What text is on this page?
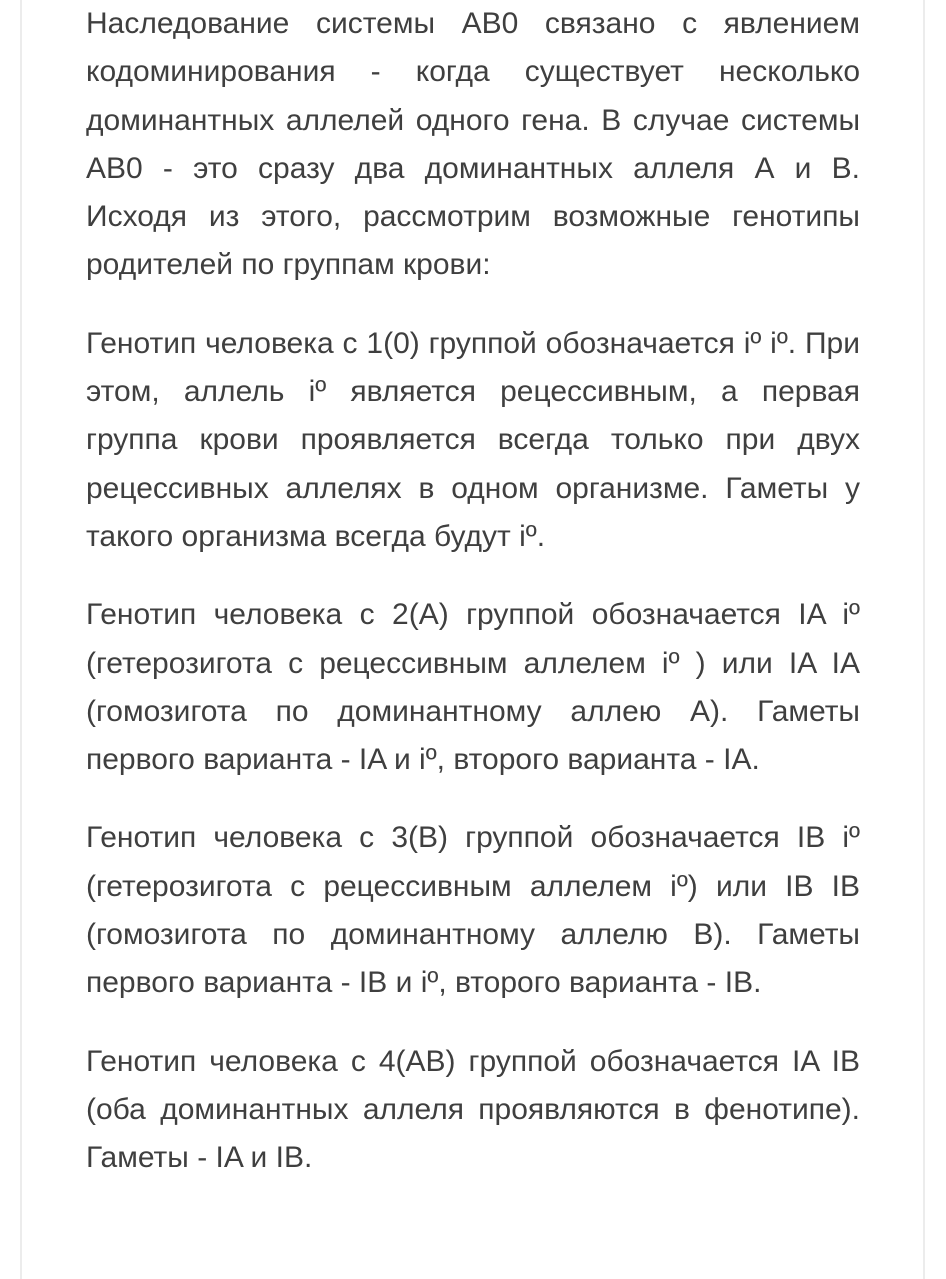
Наследование системы АВ0 связано с явлением кодоминирования - когда существует несколько доминантных аллелей одного гена. В случае системы АВ0 - это сразу два доминантных аллеля А и В. Исходя из этого, рассмотрим возможные генотипы родителей по группам крови:

Генотип человека с 1(0) группой обозначается iº iº. При этом, аллель iº является рецессивным, а первая группа крови проявляется всегда только при двух рецессивных аллелях в одном организме. Гаметы у такого организма всегда будут iº.

Генотип человека с 2(A) группой обозначается IA iº (гетерозигота с рецессивным аллелем iº ) или IA IA (гомозигота по доминантному аллею А). Гаметы первого варианта - IA и iº, второго варианта - IA.

Генотип человека с 3(B) группой обозначается IB iº (гетерозигота с рецессивным аллелем iº) или IB IB (гомозигота по доминантному аллелю В). Гаметы первого варианта - IB и iº, второго варианта - IB.

Генотип человека с 4(AB) группой обозначается IA IB (оба доминантных аллеля проявляются в фенотипе). Гаметы - IA и IB.
